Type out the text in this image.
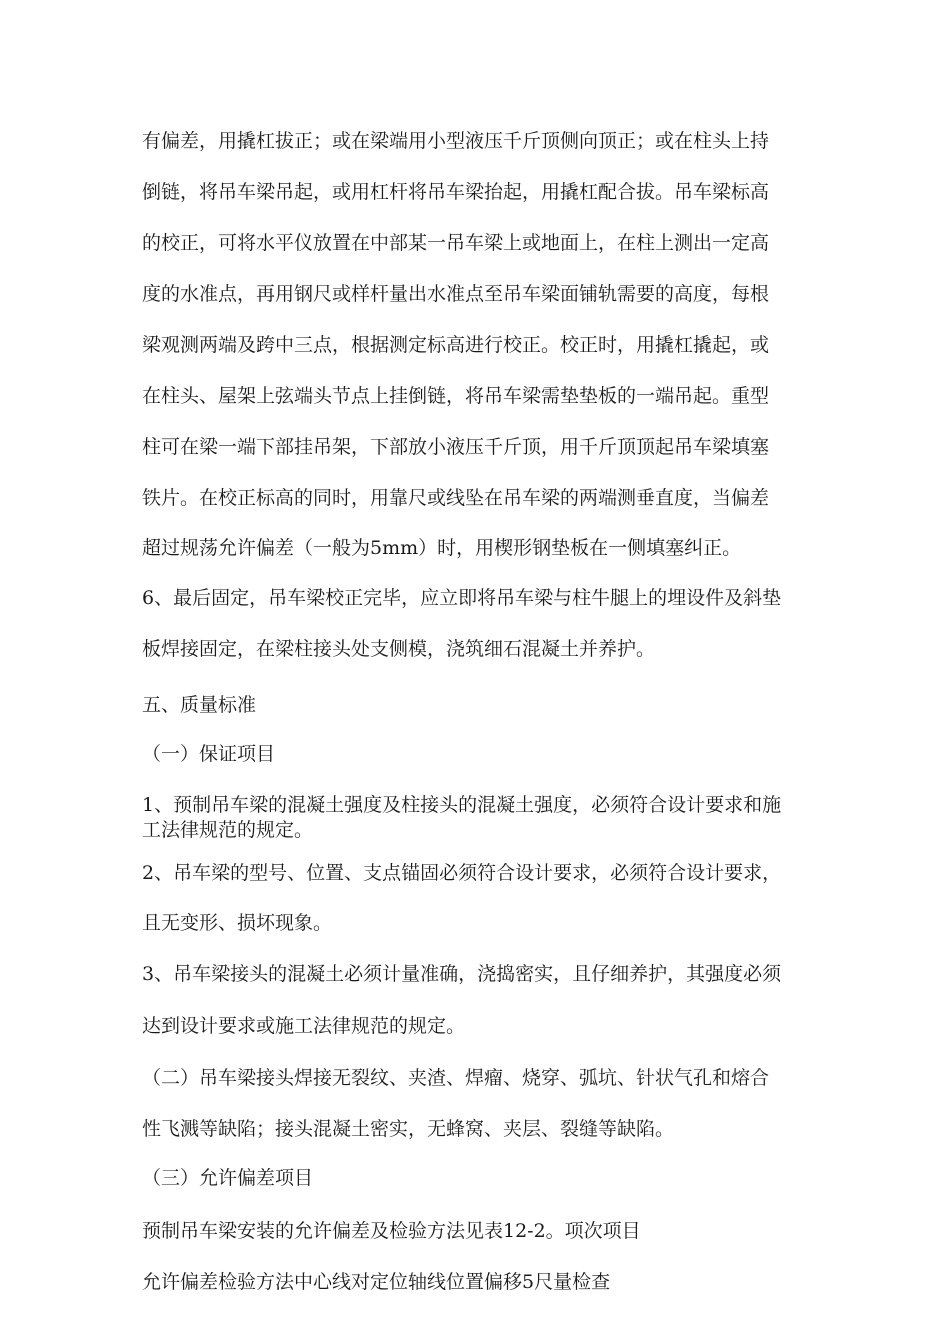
有偏差，用撬杠拔正；或在梁端用小型液压千斤顶侧向顶正；或在柱头上持
倒链，将吊车梁吊起，或用杠杆将吊车梁抬起，用撬杠配合拔。吊车梁标高
的校正，可将水平仪放置在中部某一吊车梁上或地面上，在柱上测出一定高
度的水准点，再用钢尺或样杆量出水准点至吊车梁面铺轨需要的高度，每根
梁观测两端及跨中三点，根据测定标高进行校正。校正时，用撬杠撬起，或
在柱头、屋架上弦端头节点上挂倒链，将吊车梁需垫垫板的一端吊起。重型
柱可在梁一端下部挂吊架，下部放小液压千斤顶，用千斤顶顶起吊车梁填塞
铁片。在校正标高的同时，用靠尺或线坠在吊车梁的两端测垂直度，当偏差
超过规荡允许偏差（一般为5mm）时，用楔形钢垫板在一侧填塞纠正。
6、最后固定，吊车梁校正完毕，应立即将吊车梁与柱牛腿上的埋设件及斜垫
板焊接固定，在梁柱接头处支侧模，浇筑细石混凝土并养护。
五、质量标准
（一）保证项目
1、预制吊车梁的混凝土强度及柱接头的混凝土强度，必须符合设计要求和施
工法律规范的规定。
2、吊车梁的型号、位置、支点锚固必须符合设计要求，必须符合设计要求，
且无变形、损坏现象。
3、吊车梁接头的混凝土必须计量准确，浇捣密实，且仔细养护，其强度必须
达到设计要求或施工法律规范的规定。
（二）吊车梁接头焊接无裂纹、夹渣、焊瘤、烧穿、弧坑、针状气孔和熔合
性飞溅等缺陷；接头混凝土密实，无蜂窝、夹层、裂缝等缺陷。
（三）允许偏差项目
预制吊车梁安装的允许偏差及检验方法见表12-2。项次项目
允许偏差检验方法中心线对定位轴线位置偏移5尺量检查
